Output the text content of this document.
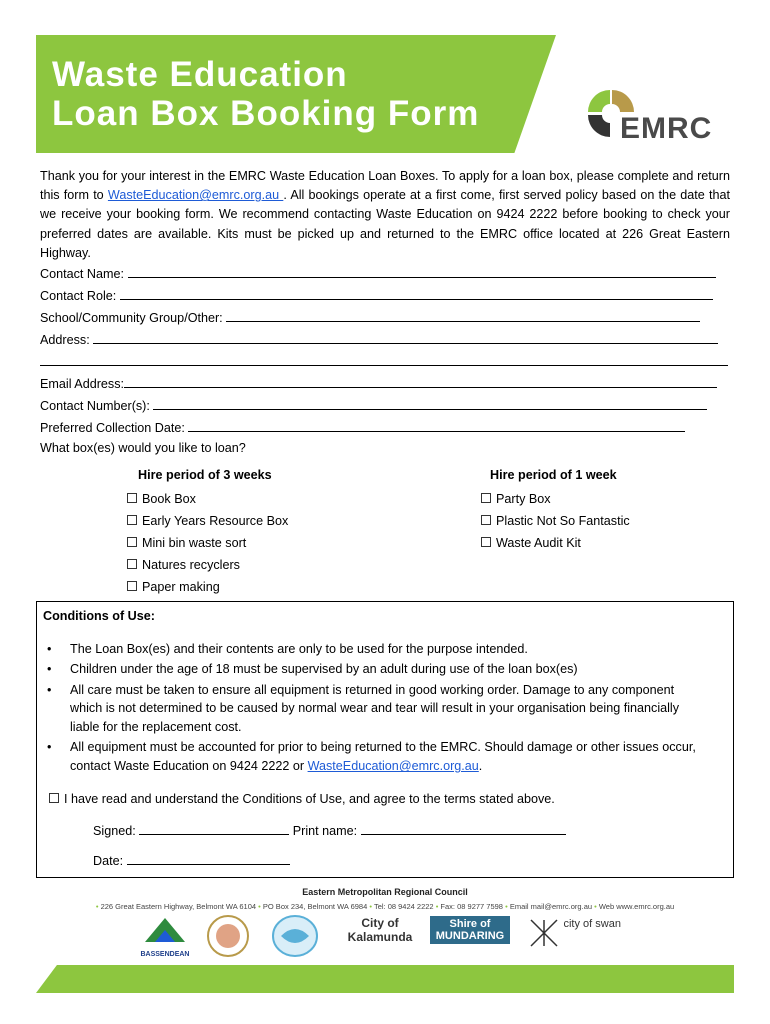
Waste Education
Loan Box Booking Form	EMRC
Thank you for your interest in the EMRC Waste Education Loan Boxes. To apply for a loan box, please complete and return this form to WasteEducation@emrc.org.au . All bookings operate at a first come, first served policy based on the date that we receive your booking form. We recommend contacting Waste Education on 9424 2222 before booking to check your preferred dates are available. Kits must be picked up and returned to the EMRC office located at 226 Great Eastern Highway.
Contact Name:
Contact Role:
School/Community Group/Other:
Address:
Email Address:
Contact Number(s):
Preferred Collection Date:
What box(es) would you like to loan?
Hire period of 3 weeks	Hire period of 1 week
Book Box
Early Years Resource Box
Mini bin waste sort
Natures recyclers
Paper making
Party Box
Plastic Not So Fantastic
Waste Audit Kit
Conditions of Use:
• The Loan Box(es) and their contents are only to be used for the purpose intended.
• Children under the age of 18 must be supervised by an adult during use of the loan box(es)
• All care must be taken to ensure all equipment is returned in good working order. Damage to any component which is not determined to be caused by normal wear and tear will result in your organisation being financially liable for the replacement cost.
• All equipment must be accounted for prior to being returned to the EMRC. Should damage or other issues occur, contact Waste Education on 9424 2222 or WasteEducation@emrc.org.au.
I have read and understand the Conditions of Use, and agree to the terms stated above.
Signed:	Print name:
Date:
Eastern Metropolitan Regional Council
• 226 Great Eastern Highway, Belmont WA 6104 • PO Box 234, Belmont WA 6984 • Tel: 08 9424 2222 • Fax: 08 9277 7598 • Email mail@emrc.org.au • Web www.emrc.org.au
BASSENDEAN
City of Kalamunda
Shire of MUNDARING
$^{city of swan}$
